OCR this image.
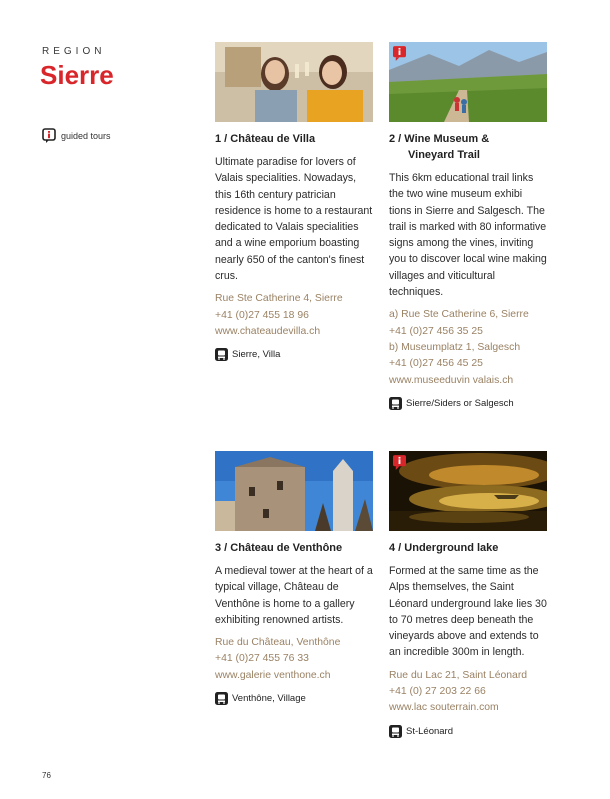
REGION
Sierre
guided tours	1 / Château de Villa
Ultimate paradise for lovers of Valais specialities. Nowadays, this 16th century patrician residence is home to a restaurant dedicated to Valais specialities and a wine emporium boasting nearly 650 of the canton's finest crus.
Rue Ste Catherine 4, Sierre
+41 (0)27 455 18 96
www.chateaudevilla.ch
Sierre, Villa
2 / Wine Museum &
Vineyard Trail
This 6km educational trail links the two wine museum exhibi tions in Sierre and Salgesch. The trail is marked with 80 informative signs among the vines, inviting you to discover local wine making villages and viticultural techniques.
a) Rue Ste Catherine 6, Sierre
+41 (0)27 456 35 25
b) Museumplatz 1, Salgesch
+41 (0)27 456 45 25
www.museeduvin valais.ch
Sierre/Siders or Salgesch
3 / Château de Venthône
A medieval tower at the heart of a typical village, Château de Venthône is home to a gallery exhibiting renowned artists.
Rue du Château, Venthône
+41 (0)27 455 76 33
www.galerie venthone.ch
Venthône, Village
4 / Underground lake
Formed at the same time as the Alps themselves, the Saint Léonard underground lake lies 30 to 70 metres deep beneath the vineyards above and extends to an incredible 300m in length.
Rue du Lac 21, Saint Léonard
+41 (0) 27 203 22 66
www.lac souterrain.com
St-Léonard
76
